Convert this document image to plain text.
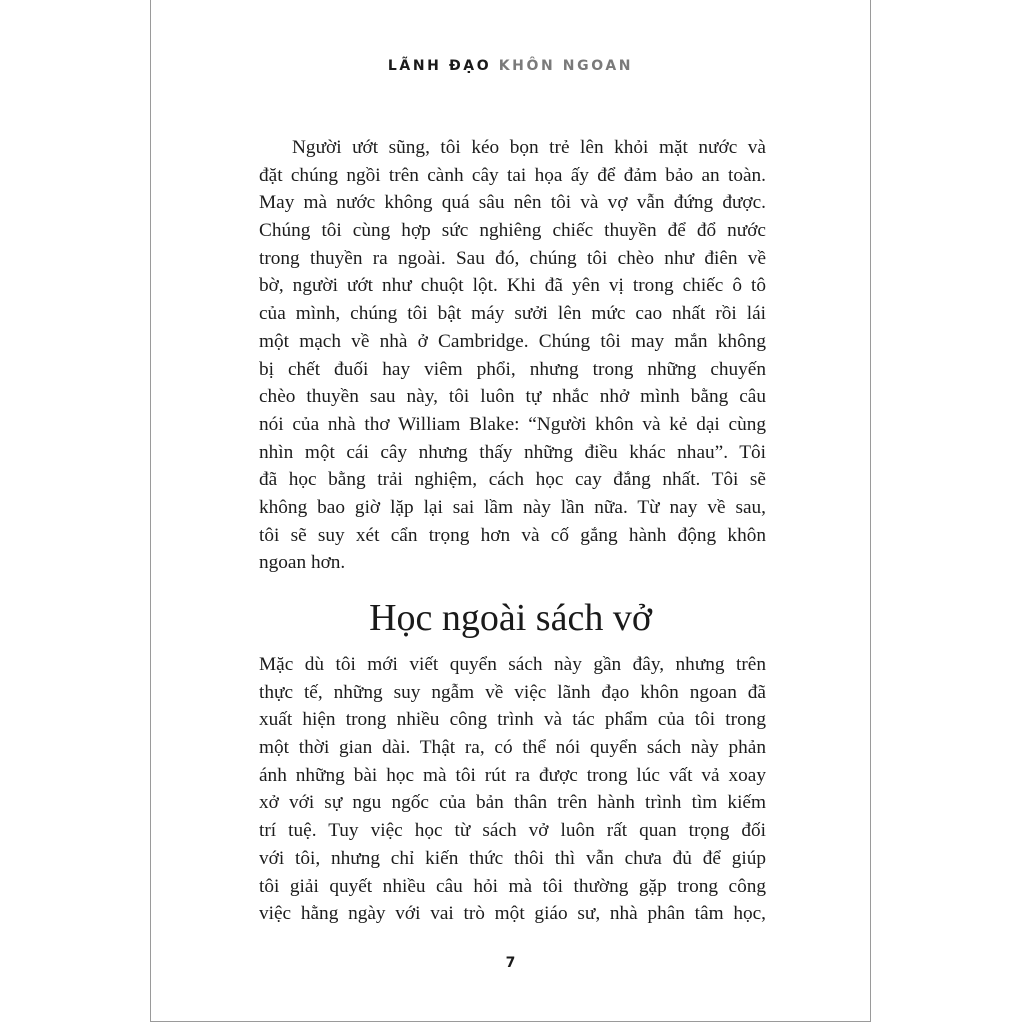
LÃNH ĐẠO KHÔN NGOAN
Người ướt sũng, tôi kéo bọn trẻ lên khỏi mặt nước và
đặt chúng ngồi trên cành cây tai họa ấy để đảm bảo an toàn.
May mà nước không quá sâu nên tôi và vợ vẫn đứng được.
Chúng tôi cùng hợp sức nghiêng chiếc thuyền để đổ nước
trong thuyền ra ngoài. Sau đó, chúng tôi chèo như điên về
bờ, người ướt như chuột lột. Khi đã yên vị trong chiếc ô tô
của mình, chúng tôi bật máy sưởi lên mức cao nhất rồi lái
một mạch về nhà ở Cambridge. Chúng tôi may mắn không
bị chết đuối hay viêm phổi, nhưng trong những chuyến
chèo thuyền sau này, tôi luôn tự nhắc nhở mình bằng câu
nói của nhà thơ William Blake: “Người khôn và kẻ dại cùng
nhìn một cái cây nhưng thấy những điều khác nhau”. Tôi
đã học bằng trải nghiệm, cách học cay đắng nhất. Tôi sẽ
không bao giờ lặp lại sai lầm này lần nữa. Từ nay về sau,
tôi sẽ suy xét cẩn trọng hơn và cố gắng hành động khôn
ngoan hơn.
Học ngoài sách vở
Mặc dù tôi mới viết quyển sách này gần đây, nhưng trên
thực tế, những suy ngẫm về việc lãnh đạo khôn ngoan đã
xuất hiện trong nhiều công trình và tác phẩm của tôi trong
một thời gian dài. Thật ra, có thể nói quyển sách này phản
ánh những bài học mà tôi rút ra được trong lúc vất vả xoay
xở với sự ngu ngốc của bản thân trên hành trình tìm kiếm
trí tuệ. Tuy việc học từ sách vở luôn rất quan trọng đối
với tôi, nhưng chỉ kiến thức thôi thì vẫn chưa đủ để giúp
tôi giải quyết nhiều câu hỏi mà tôi thường gặp trong công
việc hằng ngày với vai trò một giáo sư, nhà phân tâm học,
7
